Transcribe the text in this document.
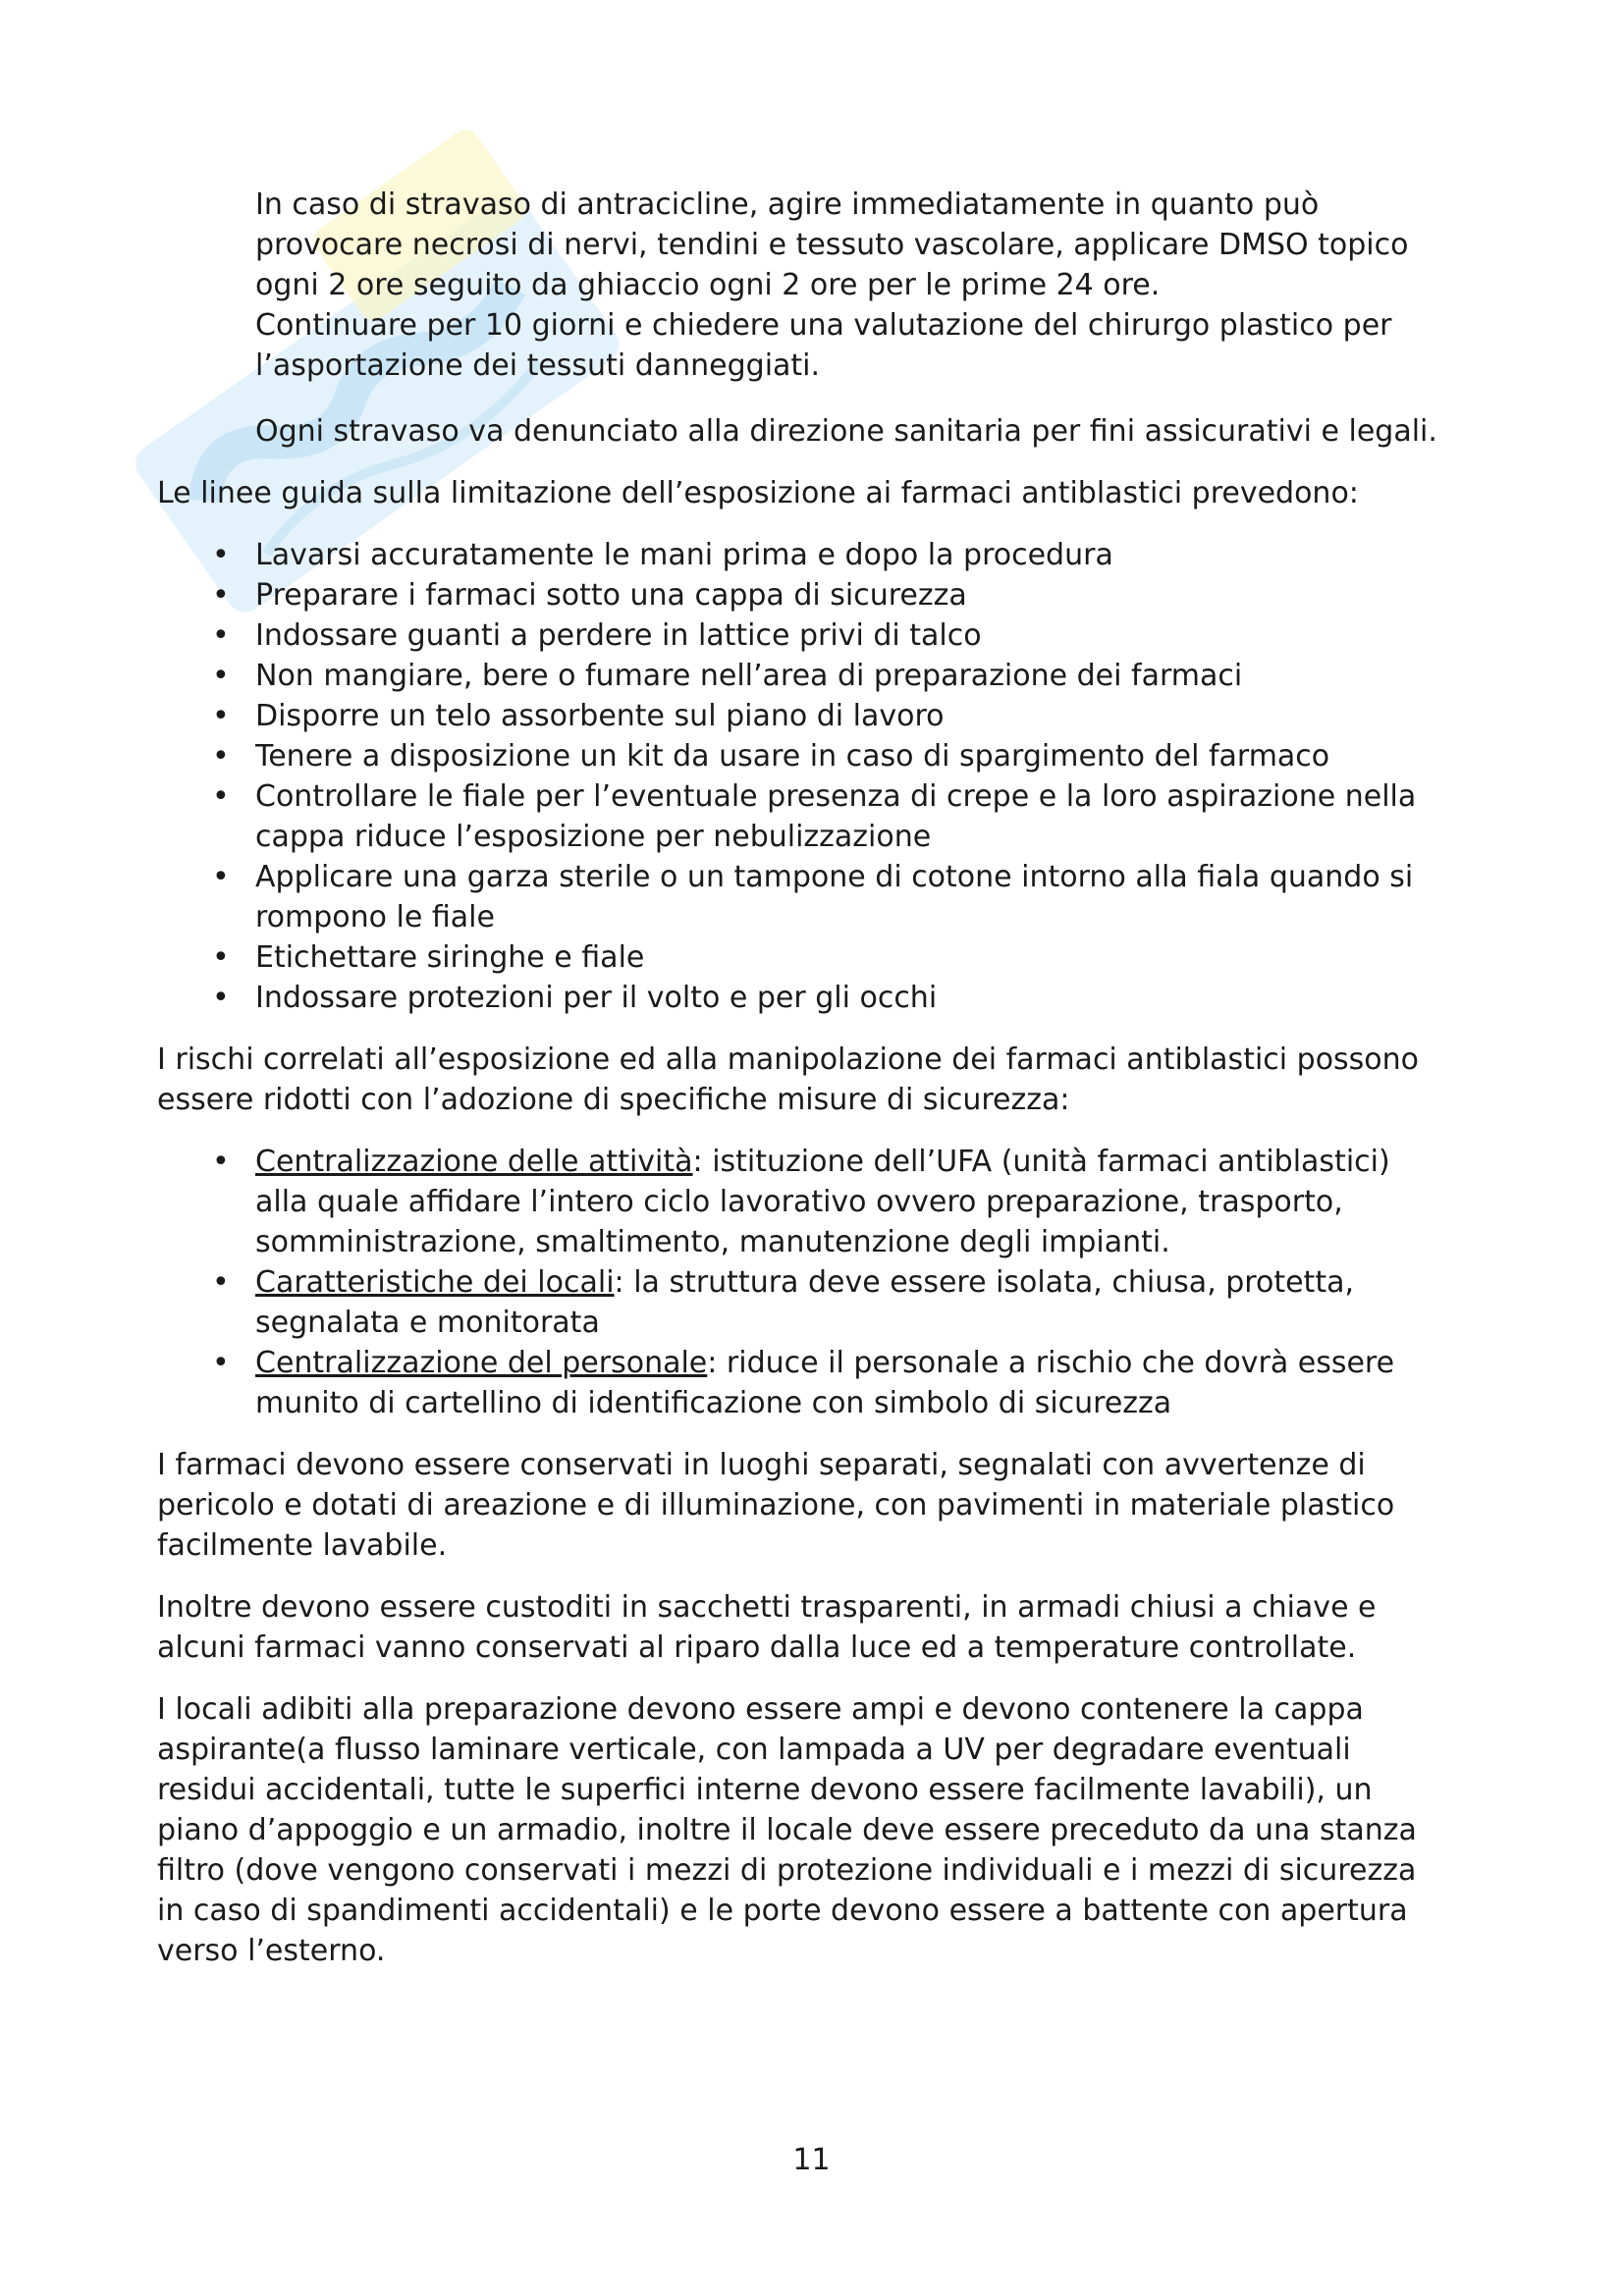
In caso di stravaso di antracicline, agire immediatamente in quanto può

provocare necrosi di nervi, tendini e tessuto vascolare, applicare DMSO topico

ogni 2 ore seguito da ghiaccio ogni 2 ore per le prime 24 ore.

Continuare per 10 giorni e chiedere una valutazione del chirurgo plastico per

l’asportazione dei tessuti danneggiati.

Ogni stravaso va denunciato alla direzione sanitaria per fini assicurativi e legali.

Le linee guida sulla limitazione dell’esposizione ai farmaci antiblastici prevedono:

• Lavarsi accuratamente le mani prima e dopo la procedura
• Preparare i farmaci sotto una cappa di sicurezza
• Indossare guanti a perdere in lattice privi di talco
• Non mangiare, bere o fumare nell’area di preparazione dei farmaci
• Disporre un telo assorbente sul piano di lavoro
• Tenere a disposizione un kit da usare in caso di spargimento del farmaco
• Controllare le fiale per l’eventuale presenza di crepe e la loro aspirazione nella
cappa riduce l’esposizione per nebulizzazione
• Applicare una garza sterile o un tampone di cotone intorno alla fiala quando si
rompono le fiale
• Etichettare siringhe e fiale
• Indossare protezioni per il volto e per gli occhi

I rischi correlati all’esposizione ed alla manipolazione dei farmaci antiblastici possono

essere ridotti con l’adozione di specifiche misure di sicurezza:

• Centralizzazione delle attività: istituzione dell’UFA (unità farmaci antiblastici)
alla quale affidare l’intero ciclo lavorativo ovvero preparazione, trasporto,
somministrazione, smaltimento, manutenzione degli impianti.
• Caratteristiche dei locali: la struttura deve essere isolata, chiusa, protetta,
segnalata e monitorata
• Centralizzazione del personale: riduce il personale a rischio che dovrà essere
munito di cartellino di identificazione con simbolo di sicurezza

I farmaci devono essere conservati in luoghi separati, segnalati con avvertenze di

pericolo e dotati di areazione e di illuminazione, con pavimenti in materiale plastico

facilmente lavabile.

Inoltre devono essere custoditi in sacchetti trasparenti, in armadi chiusi a chiave e

alcuni farmaci vanno conservati al riparo dalla luce ed a temperature controllate.

I locali adibiti alla preparazione devono essere ampi e devono contenere la cappa

aspirante(a flusso laminare verticale, con lampada a UV per degradare eventuali

residui accidentali, tutte le superfici interne devono essere facilmente lavabili), un

piano d’appoggio e un armadio, inoltre il locale deve essere preceduto da una stanza

filtro (dove vengono conservati i mezzi di protezione individuali e i mezzi di sicurezza

in caso di spandimenti accidentali) e le porte devono essere a battente con apertura

verso l’esterno.

11
